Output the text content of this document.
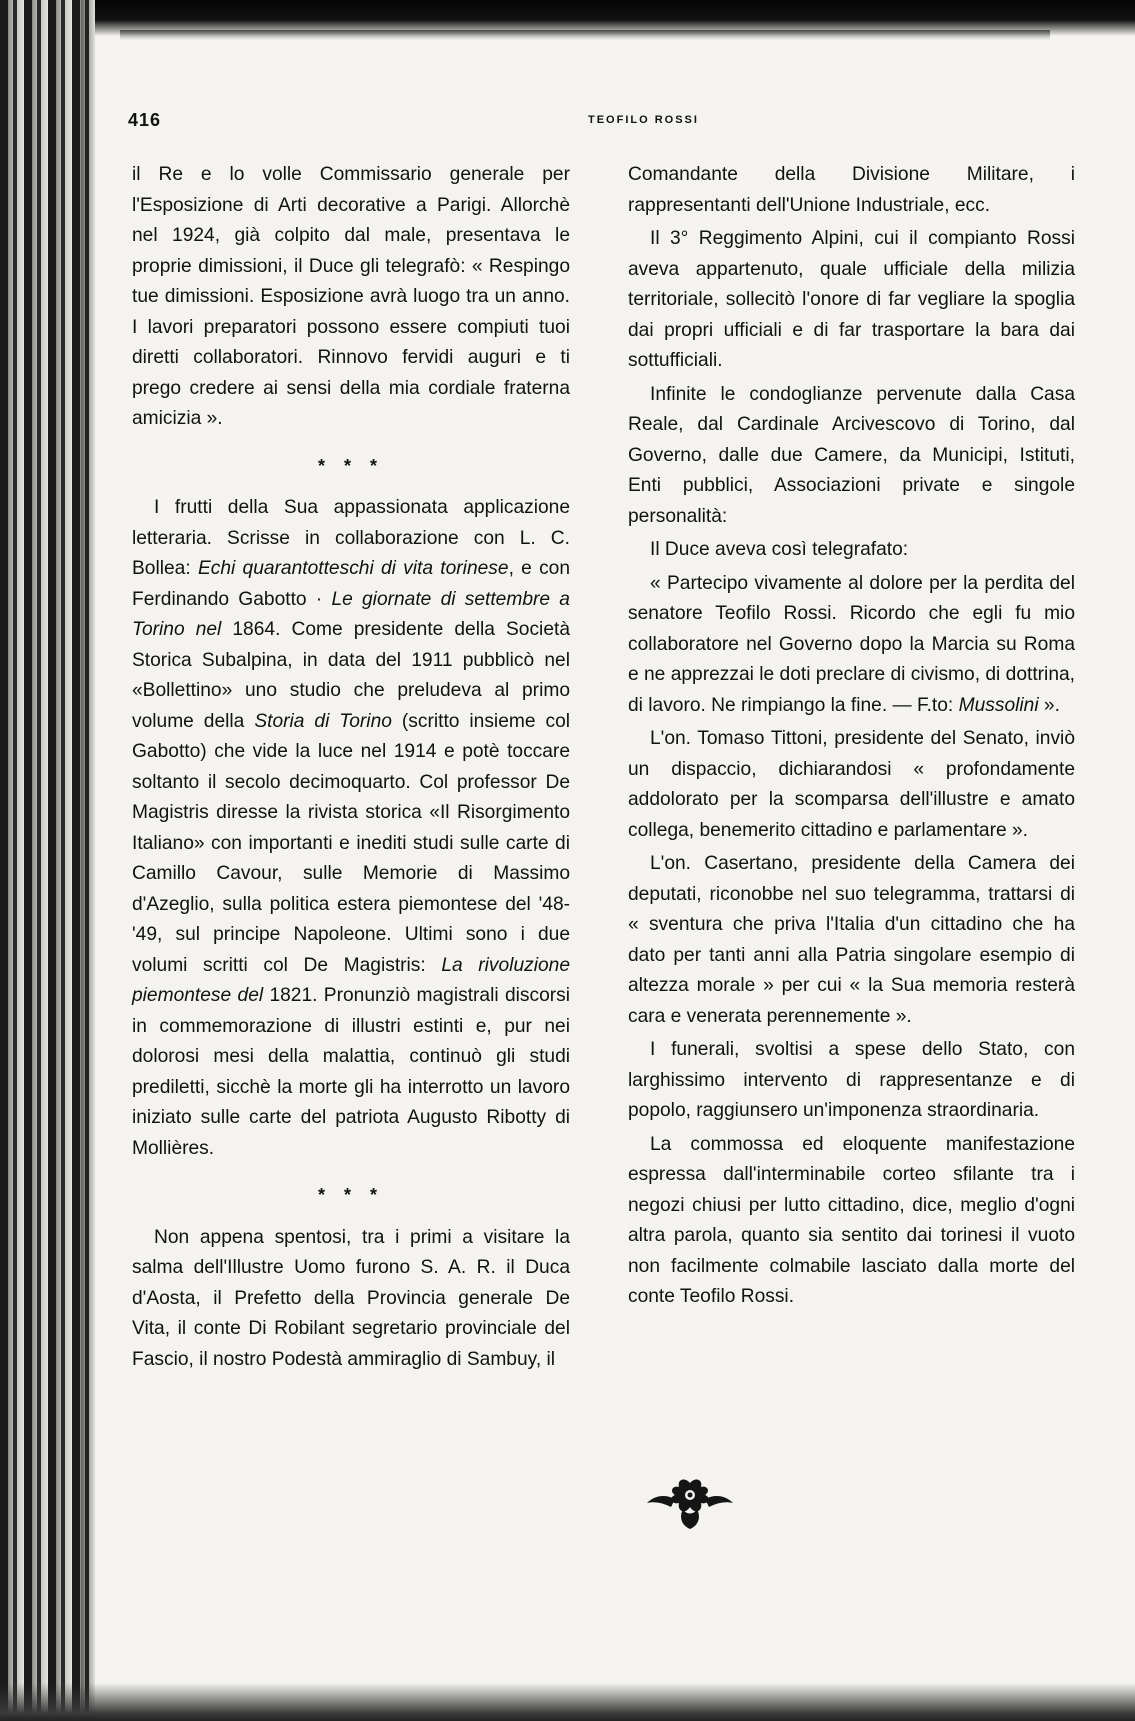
416	TEOFILO ROSSI

il Re e lo volle Commissario generale per l'Esposizione di Arti decorative a Parigi. Allorchè nel 1924, già colpito dal male, presentava le proprie dimissioni, il Duce gli telegrafò: « Respingo tue dimissioni. Esposizione avrà luogo tra un anno. I lavori preparatori possono essere compiuti tuoi diretti collaboratori. Rinnovo fervidi auguri e ti prego credere ai sensi della mia cordiale fraterna amicizia ».

* * *

I frutti della Sua appassionata applicazione letteraria. Scrisse in collaborazione con L. C. Bollea: Echi quarantotteschi di vita torinese, e con Ferdinando Gabotto · Le giornate di settembre a Torino nel 1864. Come presidente della Società Storica Subalpina, in data del 1911 pubblicò nel «Bollettino» uno studio che preludeva al primo volume della Storia di Torino (scritto insieme col Gabotto) che vide la luce nel 1914 e potè toccare soltanto il secolo decimoquarto. Col professor De Magistris diresse la rivista storica «Il Risorgimento Italiano» con importanti e inediti studi sulle carte di Camillo Cavour, sulle Memorie di Massimo d'Azeglio, sulla politica estera piemontese del '48-'49, sul principe Napoleone. Ultimi sono i due volumi scritti col De Magistris: La rivoluzione piemontese del 1821. Pronunziò magistrali discorsi in commemorazione di illustri estinti e, pur nei dolorosi mesi della malattia, continuò gli studi prediletti, sicchè la morte gli ha interrotto un lavoro iniziato sulle carte del patriota Augusto Ribotty di Mollières.

* * *

Non appena spentosi, tra i primi a visitare la salma dell'Illustre Uomo furono S. A. R. il Duca d'Aosta, il Prefetto della Provincia generale De Vita, il conte Di Robilant segretario provinciale del Fascio, il nostro Podestà ammiraglio di Sambuy, il

Comandante della Divisione Militare, i rappresentanti dell'Unione Industriale, ecc.

Il 3° Reggimento Alpini, cui il compianto Rossi aveva appartenuto, quale ufficiale della milizia territoriale, sollecitò l'onore di far vegliare la spoglia dai propri ufficiali e di far trasportare la bara dai sottufficiali.

Infinite le condoglianze pervenute dalla Casa Reale, dal Cardinale Arcivescovo di Torino, dal Governo, dalle due Camere, da Municipi, Istituti, Enti pubblici, Associazioni private e singole personalità:

Il Duce aveva così telegrafato:

« Partecipo vivamente al dolore per la perdita del senatore Teofilo Rossi. Ricordo che egli fu mio collaboratore nel Governo dopo la Marcia su Roma e ne apprezzai le doti preclare di civismo, di dottrina, di lavoro. Ne rimpiango la fine. — F.to: Mussolini ».

L'on. Tomaso Tittoni, presidente del Senato, inviò un dispaccio, dichiarandosi « profondamente addolorato per la scomparsa dell'illustre e amato collega, benemerito cittadino e parlamentare ».

L'on. Casertano, presidente della Camera dei deputati, riconobbe nel suo telegramma, trattarsi di « sventura che priva l'Italia d'un cittadino che ha dato per tanti anni alla Patria singolare esempio di altezza morale » per cui « la Sua memoria resterà cara e venerata perennemente ».

I funerali, svoltisi a spese dello Stato, con larghissimo intervento di rappresentanze e di popolo, raggiunsero un'imponenza straordinaria.

La commossa ed eloquente manifestazione espressa dall'interminabile corteo sfilante tra i negozi chiusi per lutto cittadino, dice, meglio d'ogni altra parola, quanto sia sentito dai torinesi il vuoto non facilmente colmabile lasciato dalla morte del conte Teofilo Rossi.
